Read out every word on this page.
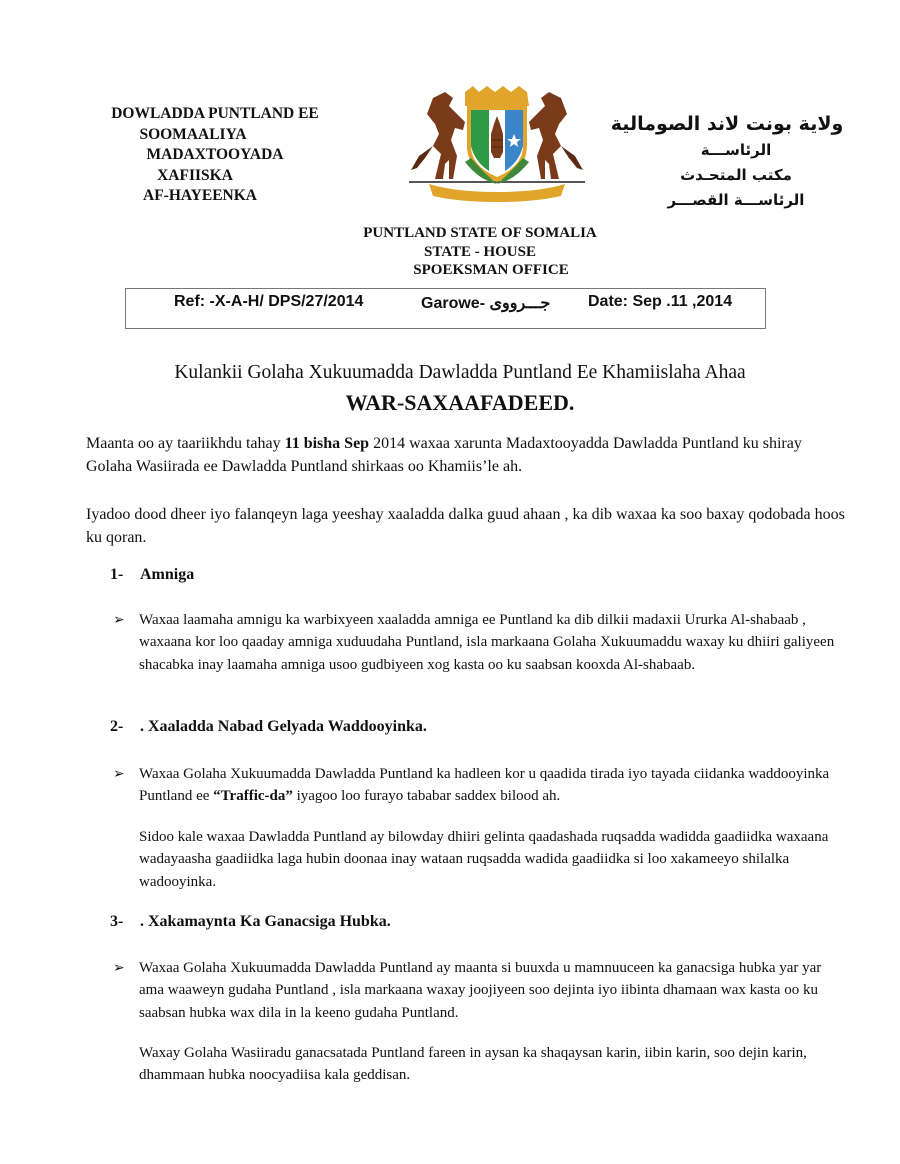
DOWLADDA PUNTLAND EE
SOOMAALIYA
MADAXTOOYADA
XAFIISKA
AF-HAYEENKA
ولاية بونت لاند الصومالية
الرئاســـة
مكتب المتحـدث
الرئاســـة القصـــر
PUNTLAND STATE OF SOMALIA
STATE - HOUSE
SPOEKSMAN OFFICE
Ref: -X-A-H/ DPS/27/2014	Garowe- جـــرووى Date: Sep .11 ,2014
Kulankii Golaha Xukuumadda Dawladda Puntland Ee Khamiislaha Ahaa
WAR-SAXAAFADEED.
Maanta oo ay taariikhdu tahay 11 bisha Sep 2014 waxaa xarunta Madaxtooyadda Dawladda Puntland ku shiray Golaha Wasiirada ee Dawladda Puntland shirkaas oo Khamiis’le ah.
Iyadoo dood dheer iyo falanqeyn laga yeeshay xaaladda dalka guud ahaan , ka dib waxaa ka soo baxay qodobada hoos ku qoran.
1- Amniga
➢ Waxaa laamaha amnigu ka warbixyeen xaaladda amniga ee Puntland ka dib dilkii madaxii Ururka Al-shabaab , waxaana kor loo qaaday amniga xuduudaha Puntland, isla markaana Golaha Xukuumaddu waxay ku dhiiri galiyeen shacabka inay laamaha amniga usoo gudbiyeen xog kasta oo ku saabsan kooxda Al-shabaab.
2- . Xaaladda Nabad Gelyada Waddooyinka.
➢ Waxaa Golaha Xukuumadda Dawladda Puntland ka hadleen kor u qaadida tirada iyo tayada ciidanka waddooyinka Puntland ee “Traffic-da” iyagoo loo furayo tababar saddex bilood ah.
Sidoo kale waxaa Dawladda Puntland ay bilowday dhiiri gelinta qaadashada ruqsadda wadidda gaadiidka waxaana wadayaasha gaadiidka laga hubin doonaa inay wataan ruqsadda wadida gaadiidka si loo xakameeyo shilalka wadooyinka.
3- . Xakamaynta Ka Ganacsiga Hubka.
➢ Waxaa Golaha Xukuumadda Dawladda Puntland ay maanta si buuxda u mamnuuceen ka ganacsiga hubka yar yar ama waaweyn gudaha Puntland , isla markaana waxay joojiyeen soo dejinta iyo iibinta dhamaan wax kasta oo ku saabsan hubka wax dila in la keeno gudaha Puntland.
Waxay Golaha Wasiiradu ganacsatada Puntland fareen in aysan ka shaqaysan karin, iibin karin, soo dejin karin, dhammaan hubka noocyadiisa kala geddisan.
